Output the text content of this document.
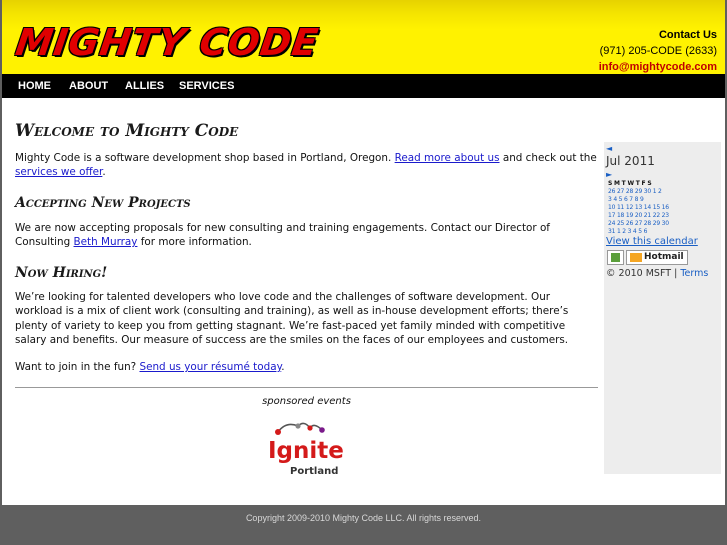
MIGHTY CODE	Contact Us
(971) 205-CODE (2633)
info@mightycode.com
HOME ABOUT ALLIES SERVICES
Welcome to Mighty Code
Mighty Code is a software development shop based in Portland, Oregon. Read more about us and check out the services we offer.
Accepting New Projects
We are now accepting proposals for new consulting and training engagements. Contact our Director of Consulting Beth Murray for more information.
Now Hiring!
We’re looking for talented developers who love code and the challenges of software development. Our workload is a mix of client work (consulting and training), as well as in-house development efforts; there’s plenty of variety to keep you from getting stagnant. We’re fast-paced yet family minded with competitive salary and benefits. Our measure of success are the smiles on the faces of our employees and customers.
Want to join in the fun? Send us your résumé today.
sponsored events
Ignite
Portland
◄
Jul 2011
►
S M T W T F S
26 27 28 29 30 1 2
3 4 5 6 7 8 9
10 11 12 13 14 15 16
17 18 19 20 21 22 23
24 25 26 27 28 29 30
31 1 2 3 4 5 6
View this calendar
Hotmail
© 2010 MSFT | Terms
Copyright 2009-2010 Mighty Code LLC. All rights reserved.
